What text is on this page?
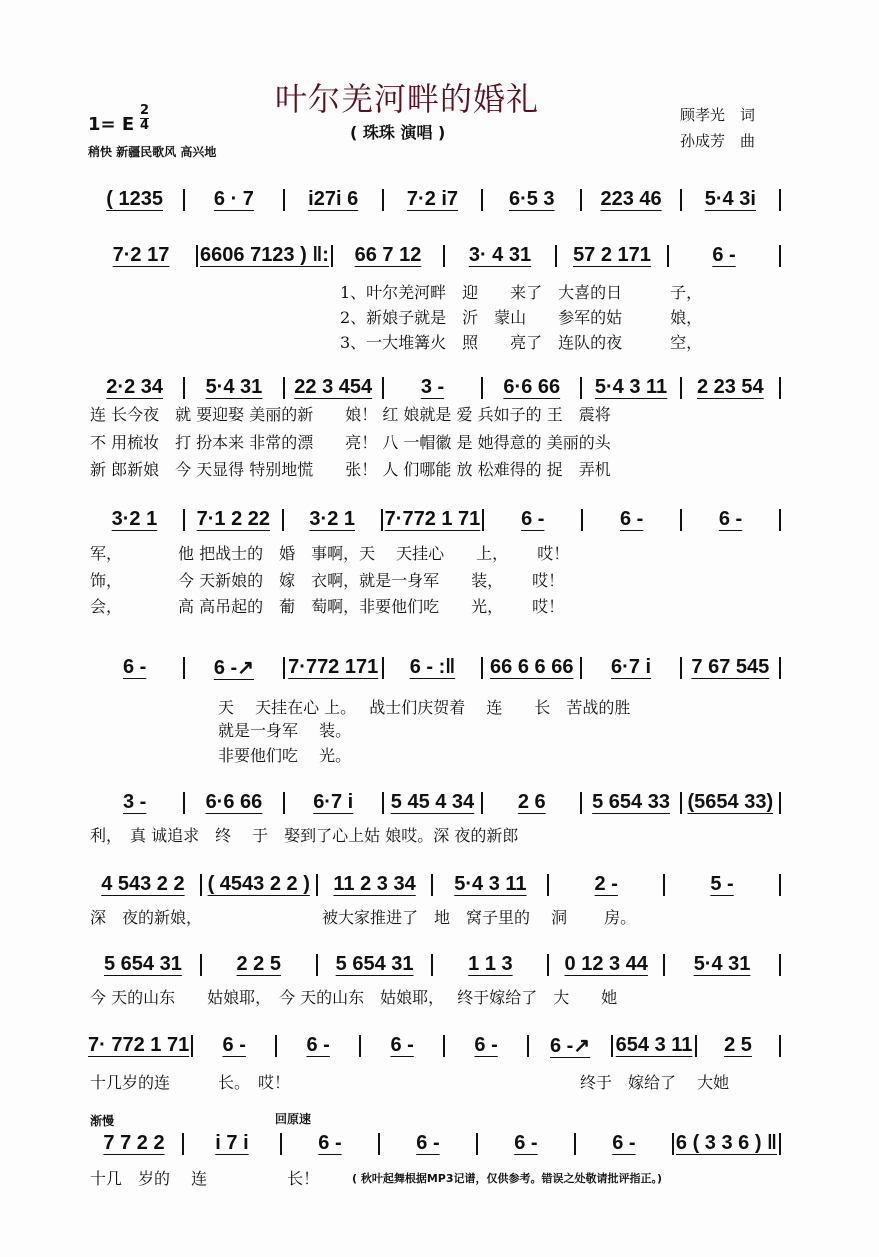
叶尔羌河畔的婚礼
( 珠珠 演唱 )
1= E
2
4
稍快 新疆民歌风 高兴地
顾孝光　词
孙成芳　曲
( 1235	6 · 7	i27i 6	7·2 i7	6·5 3	223 46	5·4 3i
7·2 17	6606 7123 ) ‖:	66 7 12	3· 4 31	57 2 171	6 -
2·2 34	5·4 31	22 3 454	3 -	6·6 66	5·4 3 11	2 23 54
3·2 1	7·1 2 22	3·2 1	7·772 1 71	6 -	6 -	6 -
6 -	6 -↗	7·772 171	6 - :‖	66 6 6 66	6·7 i	7 67 545
3 -	6·6 66	6·7 i	5 45 4 34	2 6	5 654 33 (5654 33)
4 543 2 2	( 4543 2 2 )	11 2 3 34	5·4 3 11	2 -	5 -
5 654 31	2 2 5	5 654 31	1 1 3	0 12 3 44	5·4 31
7· 772 1 71	6 -	6 -	6 -	6 -	6 -↗	654 3 11	2 5
7 7 2 2	i 7 i	6 -	6 -	6 -	6 -	6 ( 3 3 6 ) ‖
1、叶尔羌河畔　迎　　来了　大喜的日　　　子，
2、新娘子就是　沂　蒙山　　参军的姑　　　娘，
3、一大堆篝火　照　　亮了　连队的夜　　　空，
连 长今夜　就 要迎娶 美丽的新　　娘！ 红 娘就是 爱 兵如子的 王　震将
不 用梳妆　打 扮本来 非常的漂　　亮！ 八 一帽徽 是 她得意的 美丽的头
新 郎新娘　今 天显得 特别地慌　　张！ 人 们哪能 放 松难得的 捉　弄机
军，　　　　他 把战士的　婚　事啊，天　 天挂心　　上，　　 哎！
饰，　　　　今 天新娘的　嫁　衣啊，就是一身军　　装，　　 哎！
会，　　　　高 高吊起的　葡　萄啊，非要他们吃　　光，　　 哎！
天　 天挂在心 上。　 战士们庆贺着　 连　　长　苦战的胜
就是一身军　 装。
非要他们吃　 光。
利，　真 诚追求　终　 于　娶到了心上姑 娘哎。深 夜的新郎
深　夜的新娘，　　　　　　　　被大家推进了　地　窝子里的　 洞　　 房。
今 天的山东　　姑娘耶，　今 天的山东　姑娘耶，　 终于嫁给了　大　　她
十几岁的连　　　长。　哎！	终于　嫁给了　 大她
十几　岁的　 连　　　　　长！	( 秋叶起舞根据MP3记谱，仅供参考。错误之处敬请批评指正。)
渐慢	回原速
